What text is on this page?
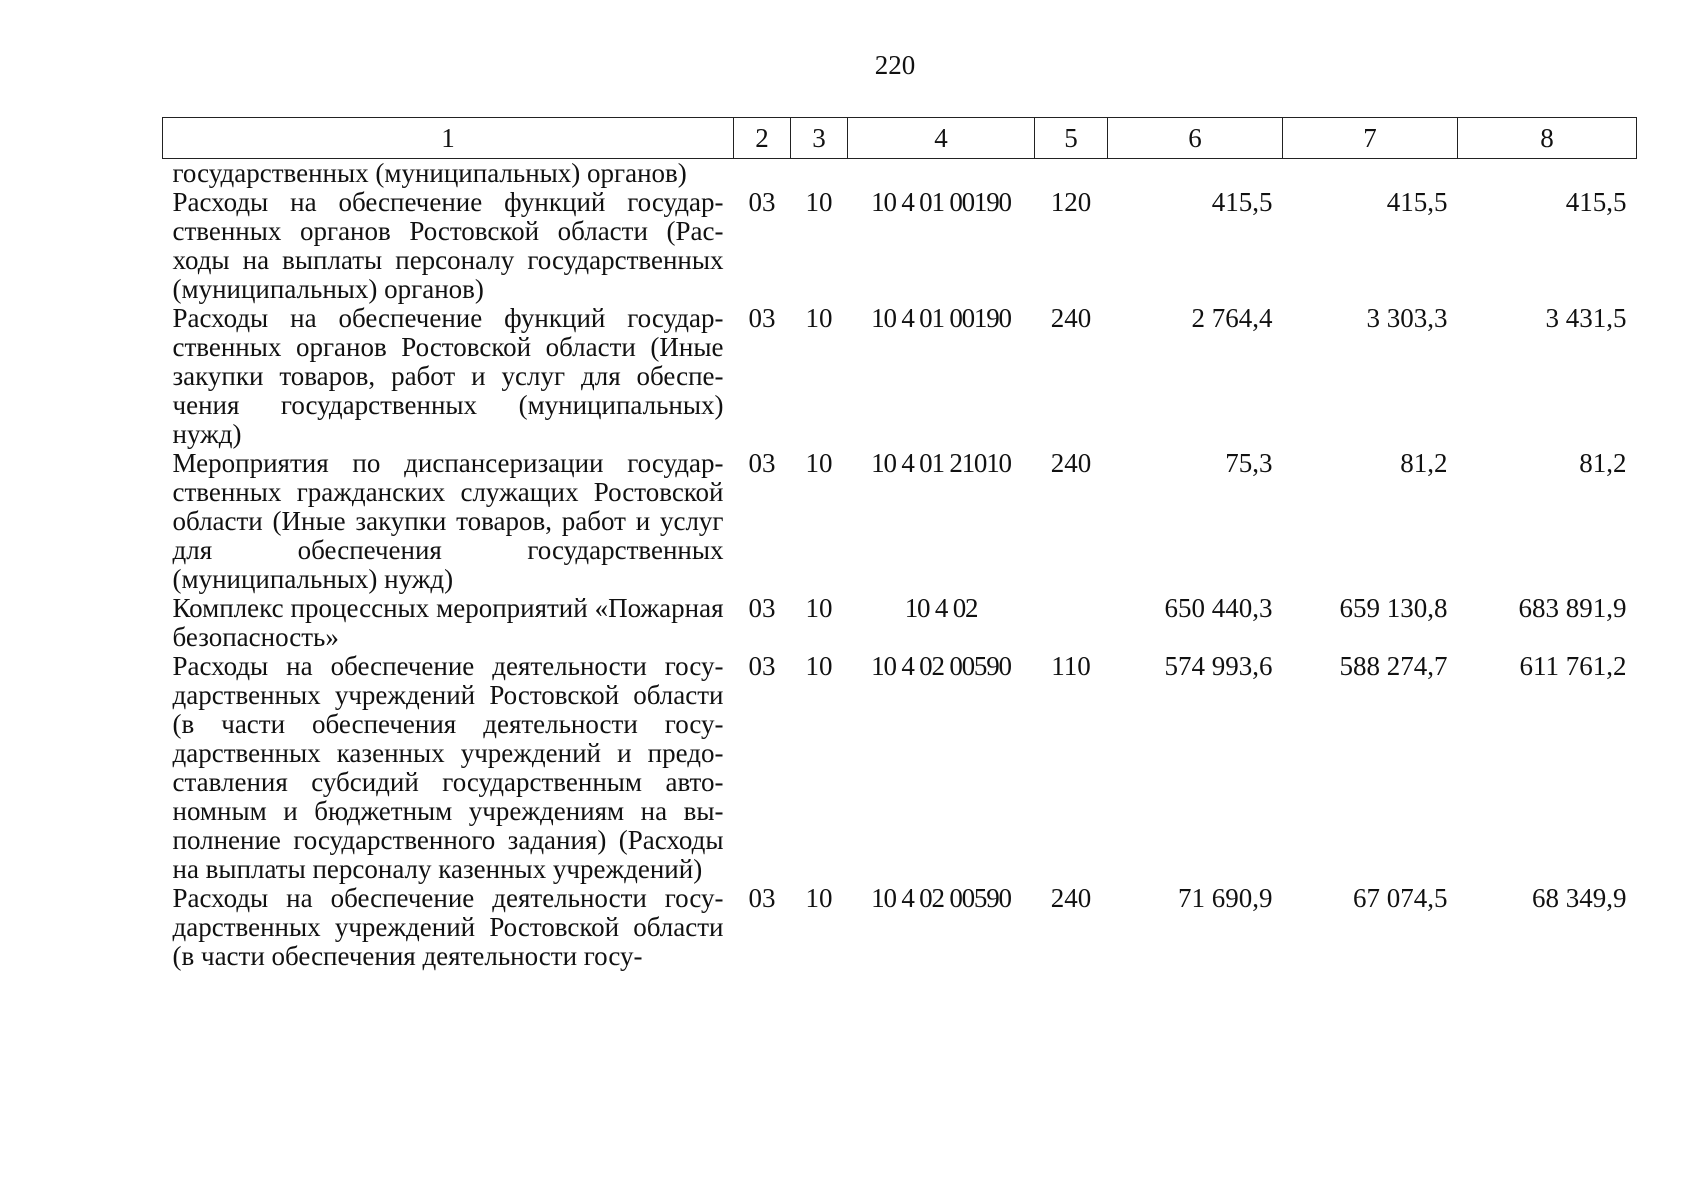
220
1	2	3	4	5	6	7	8
государственных (муниципальных) органов)							
Расходы на обеспечение функций государственных органов Ростовской области (Расходы на выплаты персоналу государственных (муниципальных) органов)	03	10	10 4 01 00190	120	415,5	415,5	415,5
Расходы на обеспечение функций государственных органов Ростовской области (Иные закупки товаров, работ и услуг для обеспечения государственных (муниципальных) нужд)	03	10	10 4 01 00190	240	2 764,4	3 303,3	3 431,5
Мероприятия по диспансеризации государственных гражданских служащих Ростовской области (Иные закупки товаров, работ и услуг для обеспечения государственных (муниципальных) нужд)	03	10	10 4 01 21010	240	75,3	81,2	81,2
Комплекс процессных мероприятий «Пожарная безопасность»	03	10	10 4 02		650 440,3	659 130,8	683 891,9
Расходы на обеспечение деятельности государственных учреждений Ростовской области (в части обеспечения деятельности государственных казенных учреждений и предоставления субсидий государственным автономным и бюджетным учреждениям на выполнение государственного задания) (Расходы на выплаты персоналу казенных учреждений)	03	10	10 4 02 00590	110	574 993,6	588 274,7	611 761,2
Расходы на обеспечение деятельности государственных учреждений Ростовской области (в части обеспечения деятельности госу-	03	10	10 4 02 00590	240	71 690,9	67 074,5	68 349,9
